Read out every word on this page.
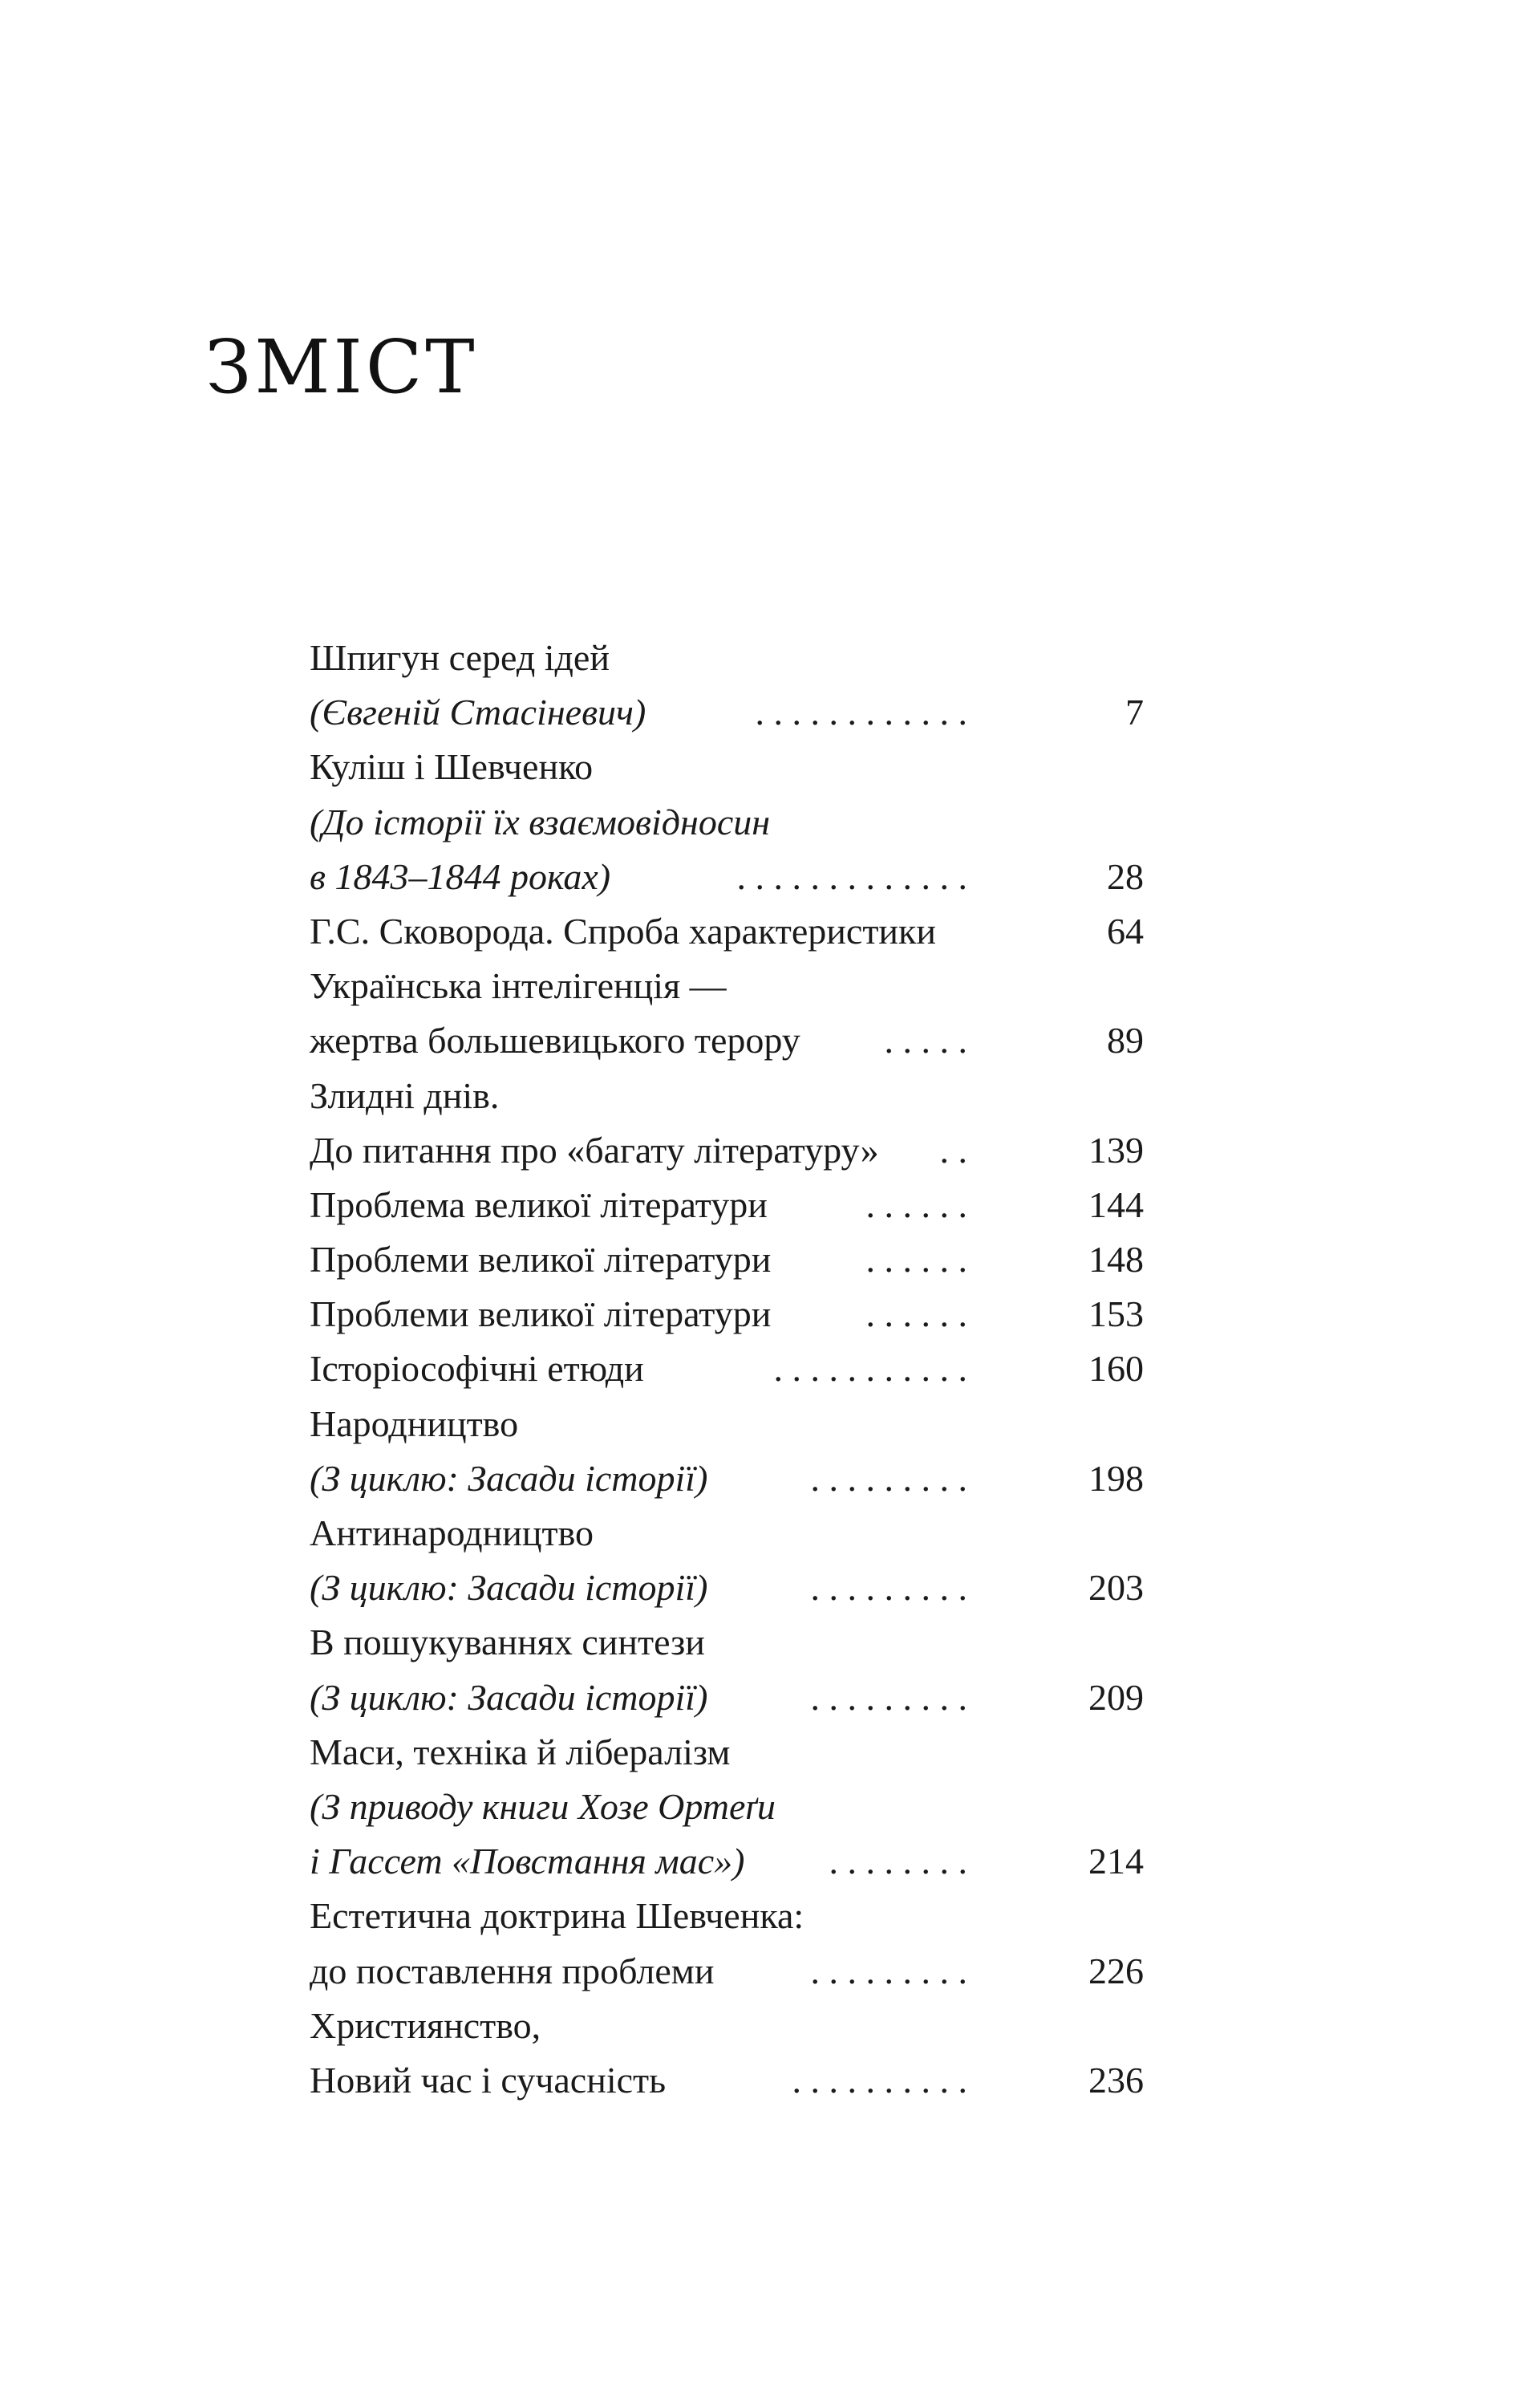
ЗМІСТ
Шпигун серед ідей
(Євгеній Стасіневич)	. . . . . . . . . . . .	7
Куліш і Шевченко
(До історії їх взаємовідносин
в 1843–1844 роках)	. . . . . . . . . . . . .	28
Г.С. Сковорода. Спроба характеристики	64
Українська інтелігенція —
жертва большевицького терору . . . . .	89
Злидні днів.
До питання про «багату літературу» . .	139
Проблема великої літератури	. . . . . .	144
Проблеми великої літератури	. . . . . .	148
Проблеми великої літератури	. . . . . .	153
Історіософічні етюди	. . . . . . . . . . .	160
Народництво
(З циклю: Засади історії)	. . . . . . . . .	198
Антинародництво
(З циклю: Засади історії)	. . . . . . . . .	203
В пошукуваннях синтези
(З циклю: Засади історії)	. . . . . . . . .	209
Маси, техніка й лібералізм
(З приводу книги Хозе Ортеґи
і Гассет «Повстання мас») . . . . . . . .	214
Естетична доктрина Шевченка:
до поставлення проблеми	. . . . . . . . .	226
Християнство,
Новий час і сучасність	. . . . . . . . . .	236
